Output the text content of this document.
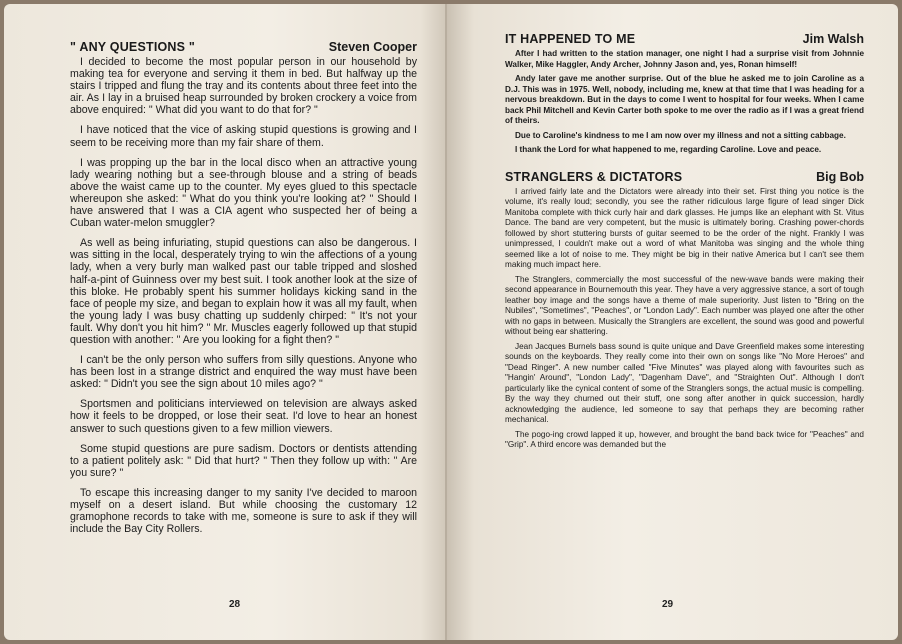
" ANY QUESTIONS "	Steven Cooper

I decided to become the most popular person in our household by making tea for everyone and serving it them in bed. But halfway up the stairs I tripped and flung the tray and its contents about three feet into the air. As I lay in a bruised heap surrounded by broken crockery a voice from above enquired: " What did you want to do that for? "

I have noticed that the vice of asking stupid questions is growing and I seem to be receiving more than my fair share of them.

I was propping up the bar in the local disco when an attractive young lady wearing nothing but a see-through blouse and a string of beads above the waist came up to the counter. My eyes glued to this spectacle whereupon she asked: " What do you think you're looking at? " Should I have answered that I was a CIA agent who suspected her of being a Cuban water-melon smuggler?

As well as being infuriating, stupid questions can also be dangerous. I was sitting in the local, desperately trying to win the affections of a young lady, when a very burly man walked past our table tripped and sloshed half-a-pint of Guinness over my best suit. I took another look at the size of this bloke. He probably spent his summer holidays kicking sand in the face of people my size, and began to explain how it was all my fault, when the young lady I was busy chatting up suddenly chirped: " It's not your fault. Why don't you hit him? " Mr. Muscles eagerly followed up that stupid question with another: " Are you looking for a fight then? "

I can't be the only person who suffers from silly questions. Anyone who has been lost in a strange district and enquired the way must have been asked: " Didn't you see the sign about 10 miles ago? "

Sportsmen and politicians interviewed on television are always asked how it feels to be dropped, or lose their seat. I'd love to hear an honest answer to such questions given to a few million viewers.

Some stupid questions are pure sadism. Doctors or dentists attending to a patient politely ask: " Did that hurt? " Then they follow up with: " Are you sure? "

To escape this increasing danger to my sanity I've decided to maroon myself on a desert island. But while choosing the customary 12 gramophone records to take with me, someone is sure to ask if they will include the Bay City Rollers.

28
IT HAPPENED TO ME	Jim Walsh

After I had written to the station manager, one night I had a surprise visit from Johnnie Walker, Mike Haggler, Andy Archer, Johnny Jason and, yes, Ronan himself!

Andy later gave me another surprise. Out of the blue he asked me to join Caroline as a D.J. This was in 1975. Well, nobody, including me, knew at that time that I was heading for a nervous breakdown. But in the days to come I went to hospital for four weeks. When I came back Phil Mitchell and Kevin Carter both spoke to me over the radio as if I was a great friend of theirs.

Due to Caroline's kindness to me I am now over my illness and not a sitting cabbage.

I thank the Lord for what happened to me, regarding Caroline. Love and peace.

STRANGLERS & DICTATORS	Big Bob

I arrived fairly late and the Dictators were already into their set. First thing you notice is the volume, it's really loud; secondly, you see the rather ridiculous large figure of lead singer Dick Manitoba complete with thick curly hair and dark glasses. He jumps like an elephant with St. Vitus Dance. The band are very competent, but the music is ultimately boring. Crashing power-chords followed by short stuttering bursts of guitar seemed to be the order of the night. Frankly I was unimpressed, I couldn't make out a word of what Manitoba was singing and the whole thing seemed like a lot of noise to me. They might be big in their native America but I can't see them making much impact here.

The Stranglers, commercially the most successful of the new-wave bands were making their second appearance in Bournemouth this year. They have a very aggressive stance, a sort of tough leather boy image and the songs have a theme of male superiority. Just listen to "Bring on the Nubiles", "Sometimes", "Peaches", or "London Lady". Each number was played one after the other with no gaps in between. Musically the Stranglers are excellent, the sound was good and powerful without being ear shattering.

Jean Jacques Burnels bass sound is quite unique and Dave Greenfield makes some interesting sounds on the keyboards. They really come into their own on songs like "No More Heroes" and "Dead Ringer". A new number called "Five Minutes" was played along with favourites such as "Hangin' Around", "London Lady", "Dagenham Dave", and "Straighten Out". Although I don't particularly like the cynical content of some of the Stranglers songs, the actual music is compelling. By the way they churned out their stuff, one song after another in quick succession, hardly acknowledging the audience, led someone to say that perhaps they are becoming rather mechanical.

The pogo-ing crowd lapped it up, however, and brought the band back twice for "Peaches" and "Grip". A third encore was demanded but the

29
